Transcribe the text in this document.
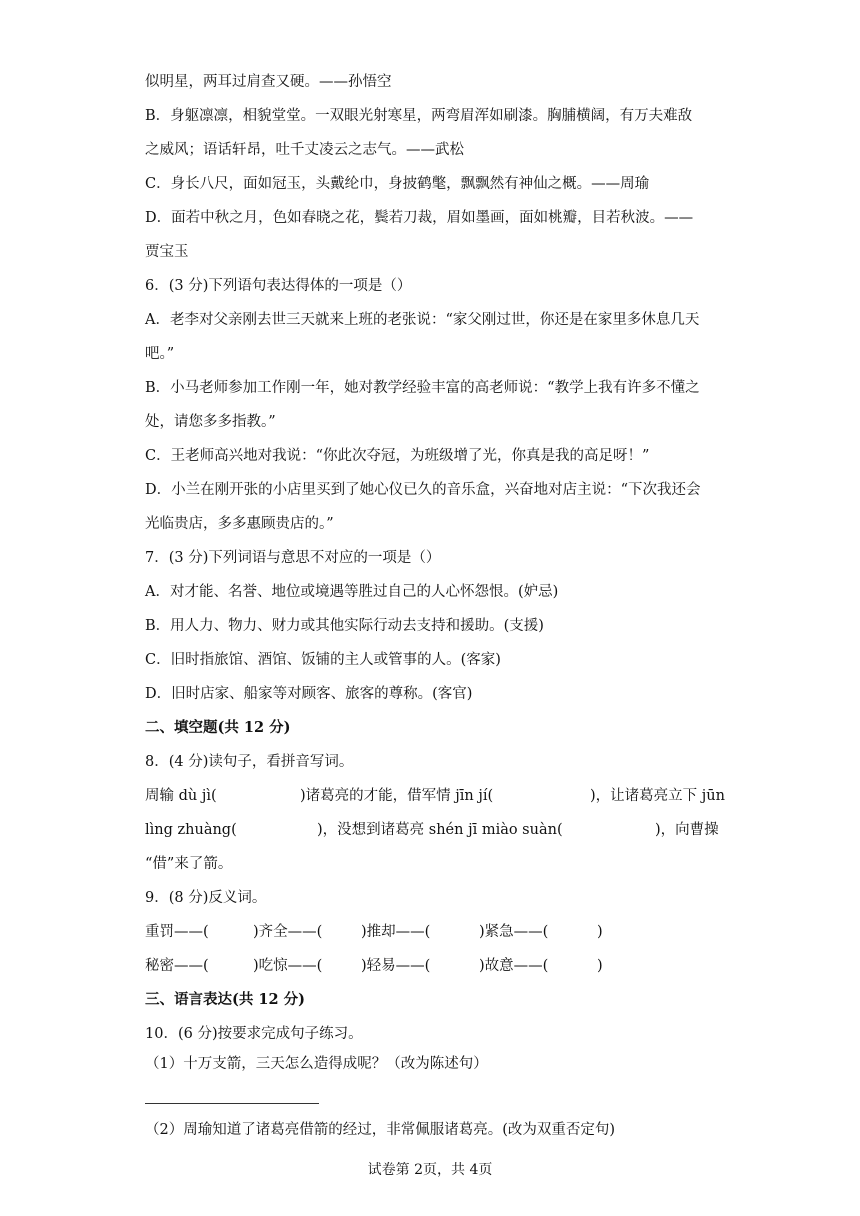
似明星，两耳过肩查又硬。——孙悟空
B．身躯凛凛，相貌堂堂。一双眼光射寒星，两弯眉浑如刷漆。胸脯横阔，有万夫难敌
之威风；语话轩昂，吐千丈凌云之志气。——武松
C．身长八尺，面如冠玉，头戴纶巾，身披鹤氅，飘飘然有神仙之概。——周瑜
D．面若中秋之月，色如春晓之花，鬓若刀裁，眉如墨画，面如桃瓣，目若秋波。——
贾宝玉
6．(3 分)下列语句表达得体的一项是（）
A．老李对父亲刚去世三天就来上班的老张说：“家父刚过世，你还是在家里多休息几天
吧。”
B．小马老师参加工作刚一年，她对教学经验丰富的高老师说：“教学上我有许多不懂之
处，请您多多指教。”
C．王老师高兴地对我说：“你此次夺冠，为班级增了光，你真是我的高足呀！”
D．小兰在刚开张的小店里买到了她心仪已久的音乐盒，兴奋地对店主说：“下次我还会
光临贵店，多多惠顾贵店的。”
7．(3 分)下列词语与意思不对应的一项是（）
A．对才能、名誉、地位或境遇等胜过自己的人心怀怨恨。(妒忌)
B．用人力、物力、财力或其他实际行动去支持和援助。(支援)
C．旧时指旅馆、酒馆、饭铺的主人或管事的人。(客家)
D．旧时店家、船家等对顾客、旅客的尊称。(客官)
二、填空题(共 12 分)
8．(4 分)读句子，看拼音写词。
周输 dù jì(	)诸葛亮的才能，借军情 jīn jí(	)，让诸葛亮立下 jūn
lìng zhuàng(	)，没想到诸葛亮 shén jī miào suàn(	)，向曹操
“借”来了箭。
9．(8 分)反义词。
重罚——(	)齐全——(	)推却——(	)紧急——(	)
秘密——(	)吃惊——(	)轻易——(	)故意——(	)
三、语言表达(共 12 分)
10．(6 分)按要求完成句子练习。
（1）十万支箭，三天怎么造得成呢？（改为陈述句）
（2）周瑜知道了诸葛亮借箭的经过，非常佩服诸葛亮。(改为双重否定句)
试卷第 2页，共 4页
